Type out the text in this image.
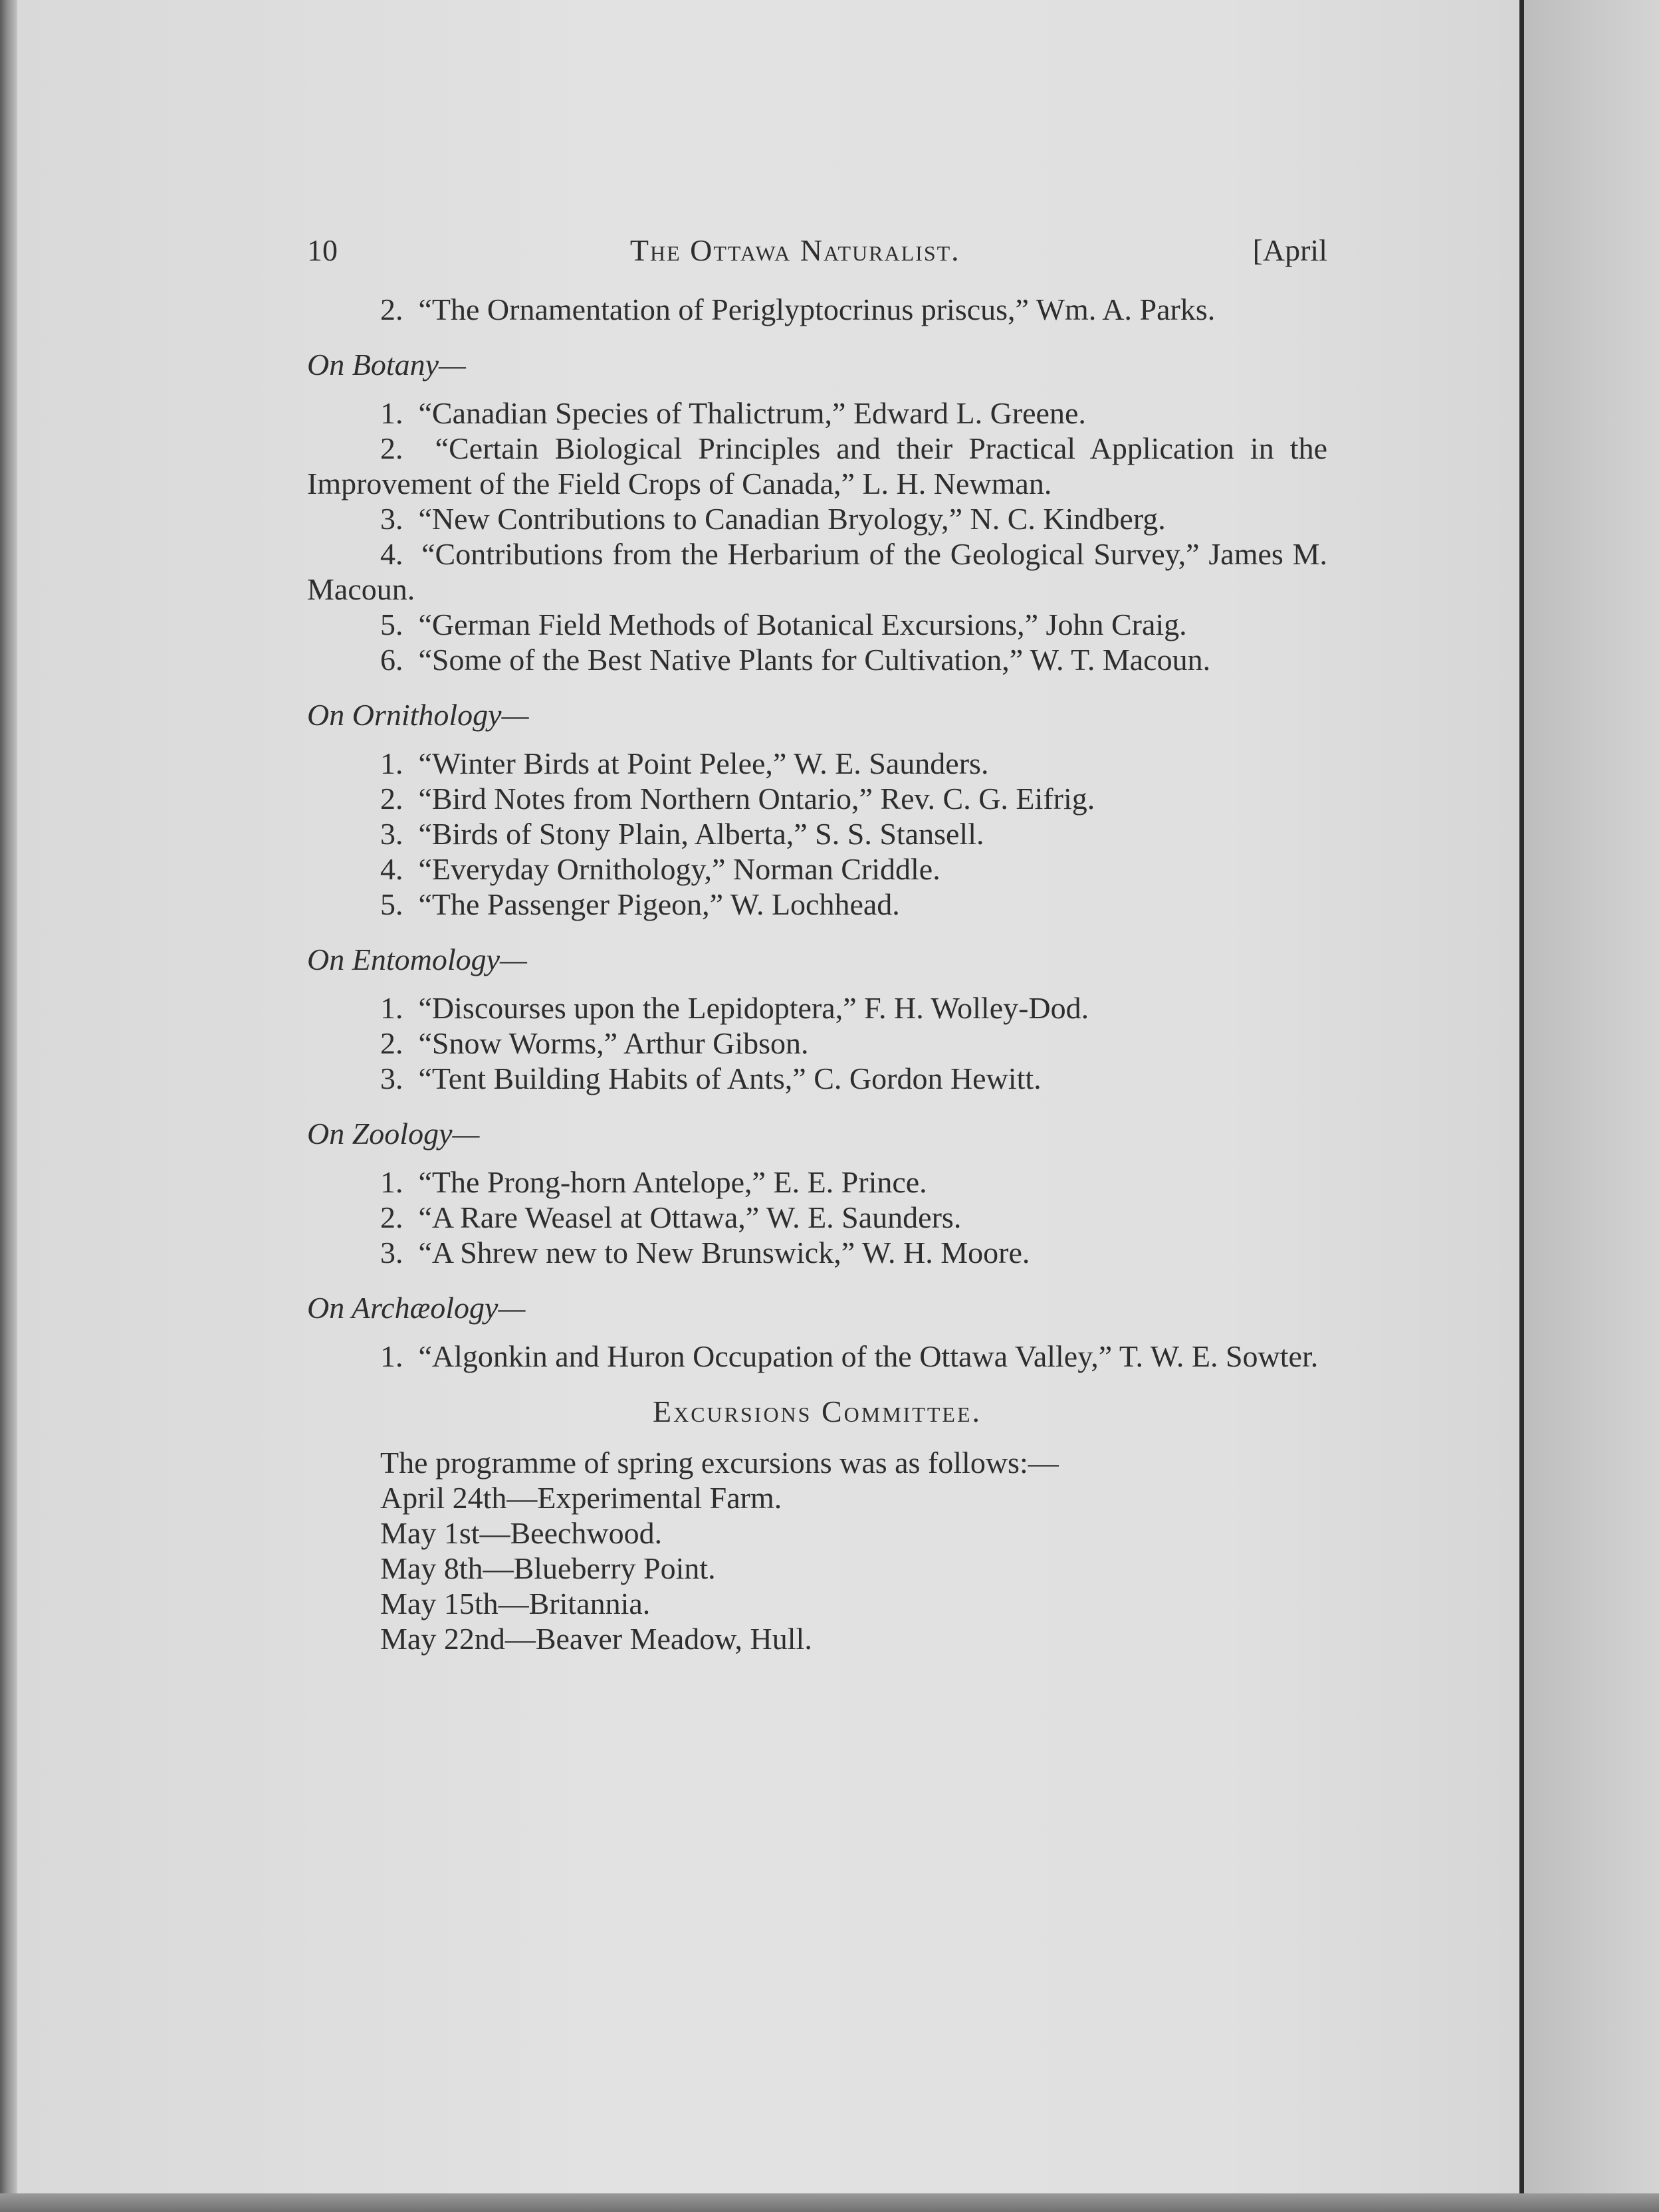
10	The Ottawa Naturalist.	[April

2. “The Ornamentation of Periglyptocrinus priscus,” Wm. A. Parks.

On Botany—

1. “Canadian Species of Thalictrum,” Edward L. Greene.

2. “Certain Biological Principles and their Practical Application in the Improvement of the Field Crops of Canada,” L. H. Newman.

3. “New Contributions to Canadian Bryology,” N. C. Kindberg.

4. “Contributions from the Herbarium of the Geological Survey,” James M. Macoun.

5. “German Field Methods of Botanical Excursions,” John Craig.

6. “Some of the Best Native Plants for Cultivation,” W. T. Macoun.

On Ornithology—

1. “Winter Birds at Point Pelee,” W. E. Saunders.

2. “Bird Notes from Northern Ontario,” Rev. C. G. Eifrig.

3. “Birds of Stony Plain, Alberta,” S. S. Stansell.

4. “Everyday Ornithology,” Norman Criddle.

5. “The Passenger Pigeon,” W. Lochhead.

On Entomology—

1. “Discourses upon the Lepidoptera,” F. H. Wolley-Dod.

2. “Snow Worms,” Arthur Gibson.

3. “Tent Building Habits of Ants,” C. Gordon Hewitt.

On Zoology—

1. “The Prong-horn Antelope,” E. E. Prince.

2. “A Rare Weasel at Ottawa,” W. E. Saunders.

3. “A Shrew new to New Brunswick,” W. H. Moore.

On Archæology—

1. “Algonkin and Huron Occupation of the Ottawa Valley,” T. W. E. Sowter.

Excursions Committee.

The programme of spring excursions was as follows:—

April 24th—Experimental Farm.

May 1st—Beechwood.

May 8th—Blueberry Point.

May 15th—Britannia.

May 22nd—Beaver Meadow, Hull.
